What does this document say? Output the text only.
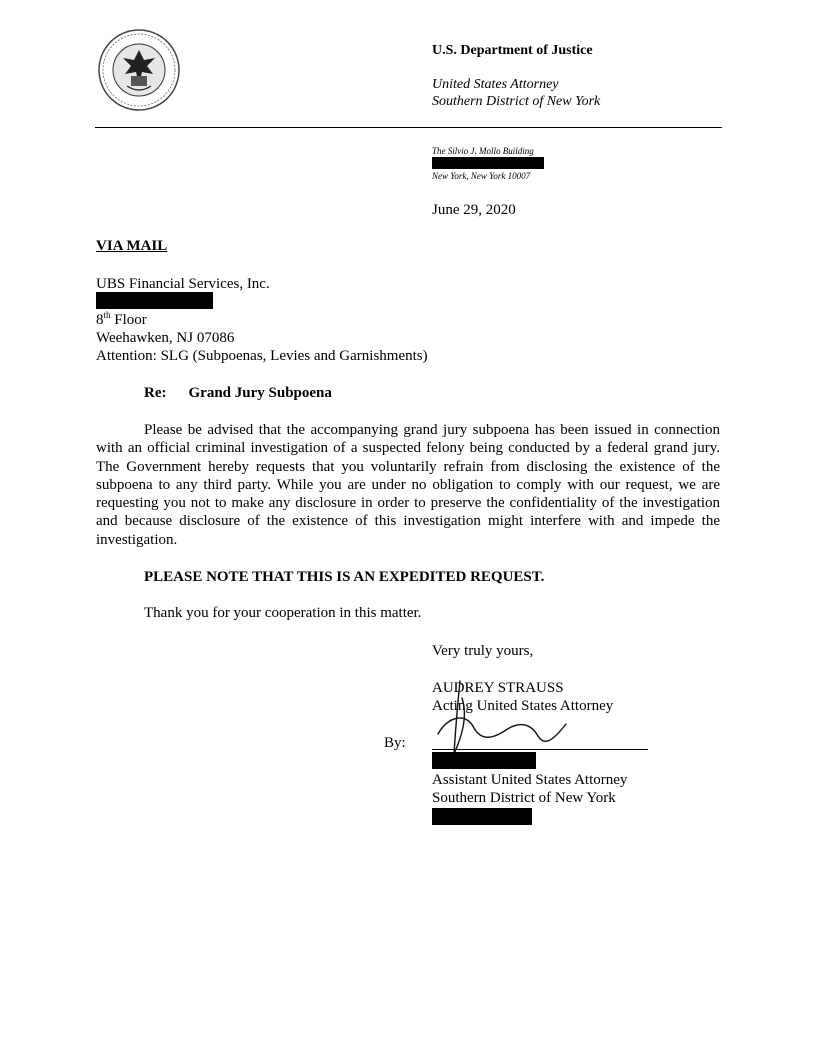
U.S. Department of Justice
United States Attorney
Southern District of New York
The Silvio J. Mollo Building
New York, New York 10007
June 29, 2020
VIA MAIL
UBS Financial Services, Inc.
8th Floor
Weehawken, NJ 07086
Attention: SLG (Subpoenas, Levies and Garnishments)
Re: Grand Jury Subpoena

Please be advised that the accompanying grand jury subpoena has been issued in connection with an official criminal investigation of a suspected felony being conducted by a federal grand jury. The Government hereby requests that you voluntarily refrain from disclosing the existence of the subpoena to any third party. While you are under no obligation to comply with our request, we are requesting you not to make any disclosure in order to preserve the confidentiality of the investigation and because disclosure of the existence of this investigation might interfere with and impede the investigation.

PLEASE NOTE THAT THIS IS AN EXPEDITED REQUEST.
Thank you for your cooperation in this matter.
Very truly yours,
AUDREY STRAUSS
Acting United States Attorney
By:
Assistant United States Attorney
Southern District of New York
